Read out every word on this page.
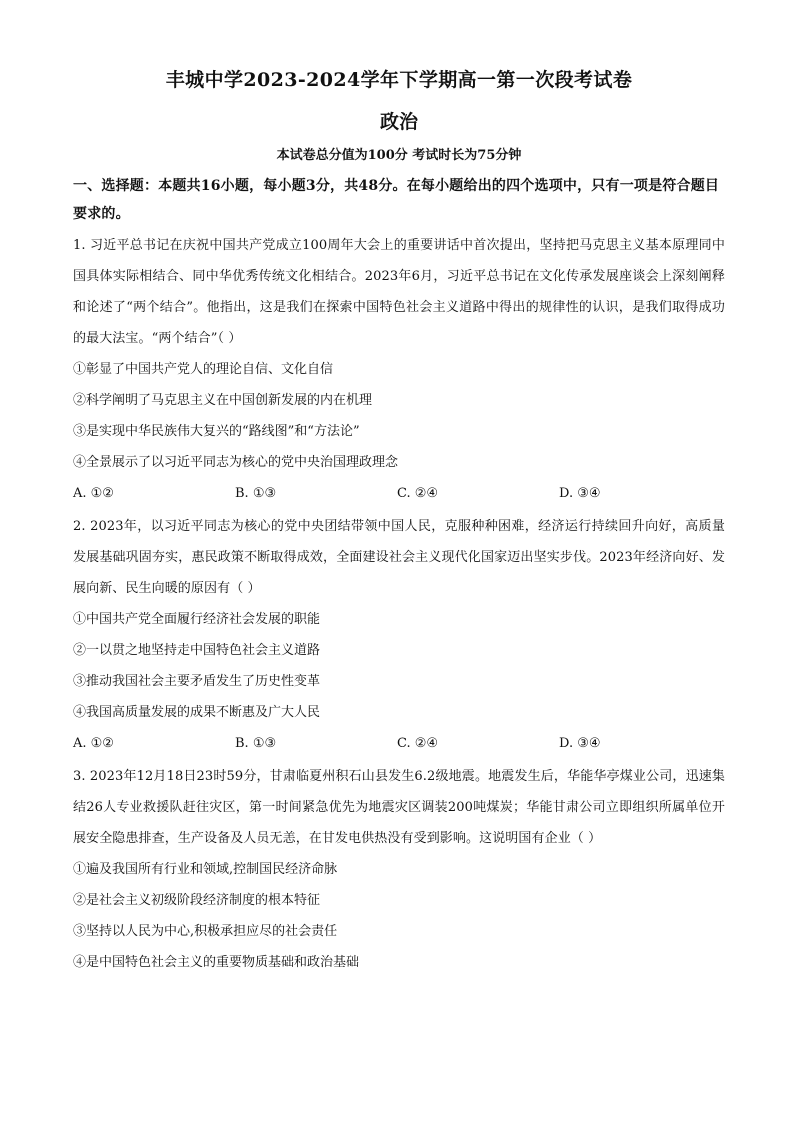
丰城中学2023-2024学年下学期高一第一次段考试卷
政治

本试卷总分值为100分 考试时长为75分钟

一、选择题：本题共16小题，每小题3分，共48分。在每小题给出的四个选项中，只有一项是符合题目要求的。

1. 习近平总书记在庆祝中国共产党成立100周年大会上的重要讲话中首次提出，坚持把马克思主义基本原理同中国具体实际相结合、同中华优秀传统文化相结合。2023年6月，习近平总书记在文化传承发展座谈会上深刻阐释和论述了“两个结合”。他指出，这是我们在探索中国特色社会主义道路中得出的规律性的认识，是我们取得成功的最大法宝。“两个结合”（ ）

①彰显了中国共产党人的理论自信、文化自信

②科学阐明了马克思主义在中国创新发展的内在机理

③是实现中华民族伟大复兴的“路线图”和“方法论”

④全景展示了以习近平同志为核心的党中央治国理政理念

A. ①②	B. ①③	C. ②④	D. ③④

2. 2023年，以习近平同志为核心的党中央团结带领中国人民，克服种种困难，经济运行持续回升向好，高质量发展基础巩固夯实，惠民政策不断取得成效，全面建设社会主义现代化国家迈出坚实步伐。2023年经济向好、发展向新、民生向暖的原因有（ ）

①中国共产党全面履行经济社会发展的职能

②一以贯之地坚持走中国特色社会主义道路

③推动我国社会主要矛盾发生了历史性变革

④我国高质量发展的成果不断惠及广大人民

A. ①②	B. ①③	C. ②④	D. ③④

3. 2023年12月18日23时59分，甘肃临夏州积石山县发生6.2级地震。地震发生后，华能华亭煤业公司，迅速集结26人专业救援队赶往灾区，第一时间紧急优先为地震灾区调装200吨煤炭；华能甘肃公司立即组织所属单位开展安全隐患排查，生产设备及人员无恙，在甘发电供热没有受到影响。这说明国有企业（ ）

①遍及我国所有行业和领域,控制国民经济命脉

②是社会主义初级阶段经济制度的根本特征

③坚持以人民为中心,积极承担应尽的社会责任

④是中国特色社会主义的重要物质基础和政治基础
